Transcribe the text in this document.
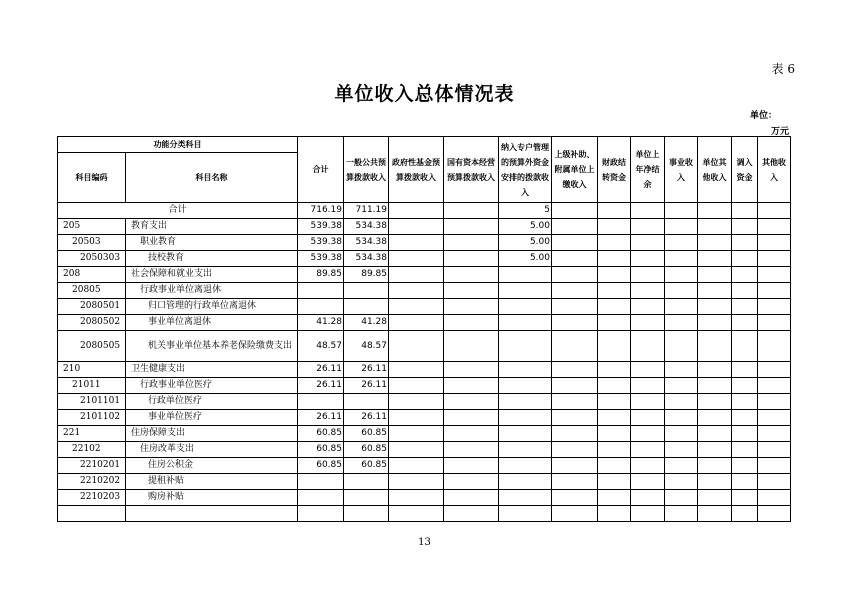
表 6
单位收入总体情况表
单位：
万元
功能分类科目		合计	一般公共预算拨款收入	政府性基金预算拨款收入	国有资本经营预算拨款收入	纳入专户管理的预算外资金安排的拨款收入	上级补助、附属单位上缴收入	财政结转资金	单位上年净结余	事业收入	单位其他收入	调入资金	其他收入
科目编码	科目名称												
合计		716.19	711.19			5							
205	教育支出	539.38	534.38			5.00							
20503	职业教育	539.38	534.38			5.00							
2050303	技校教育	539.38	534.38			5.00							
208	社会保障和就业支出	89.85	89.85										
20805	行政事业单位离退休												
2080501	归口管理的行政单位离退休												
2080502	事业单位离退休	41.28	41.28										
2080505	机关事业单位基本养老保险缴费支出	48.57	48.57										
210	卫生健康支出	26.11	26.11										
21011	行政事业单位医疗	26.11	26.11										
2101101	行政单位医疗												
2101102	事业单位医疗	26.11	26.11										
221	住房保障支出	60.85	60.85										
22102	住房改革支出	60.85	60.85										
2210201	住房公积金	60.85	60.85										
2210202	提租补贴												
2210203	购房补贴												

13
